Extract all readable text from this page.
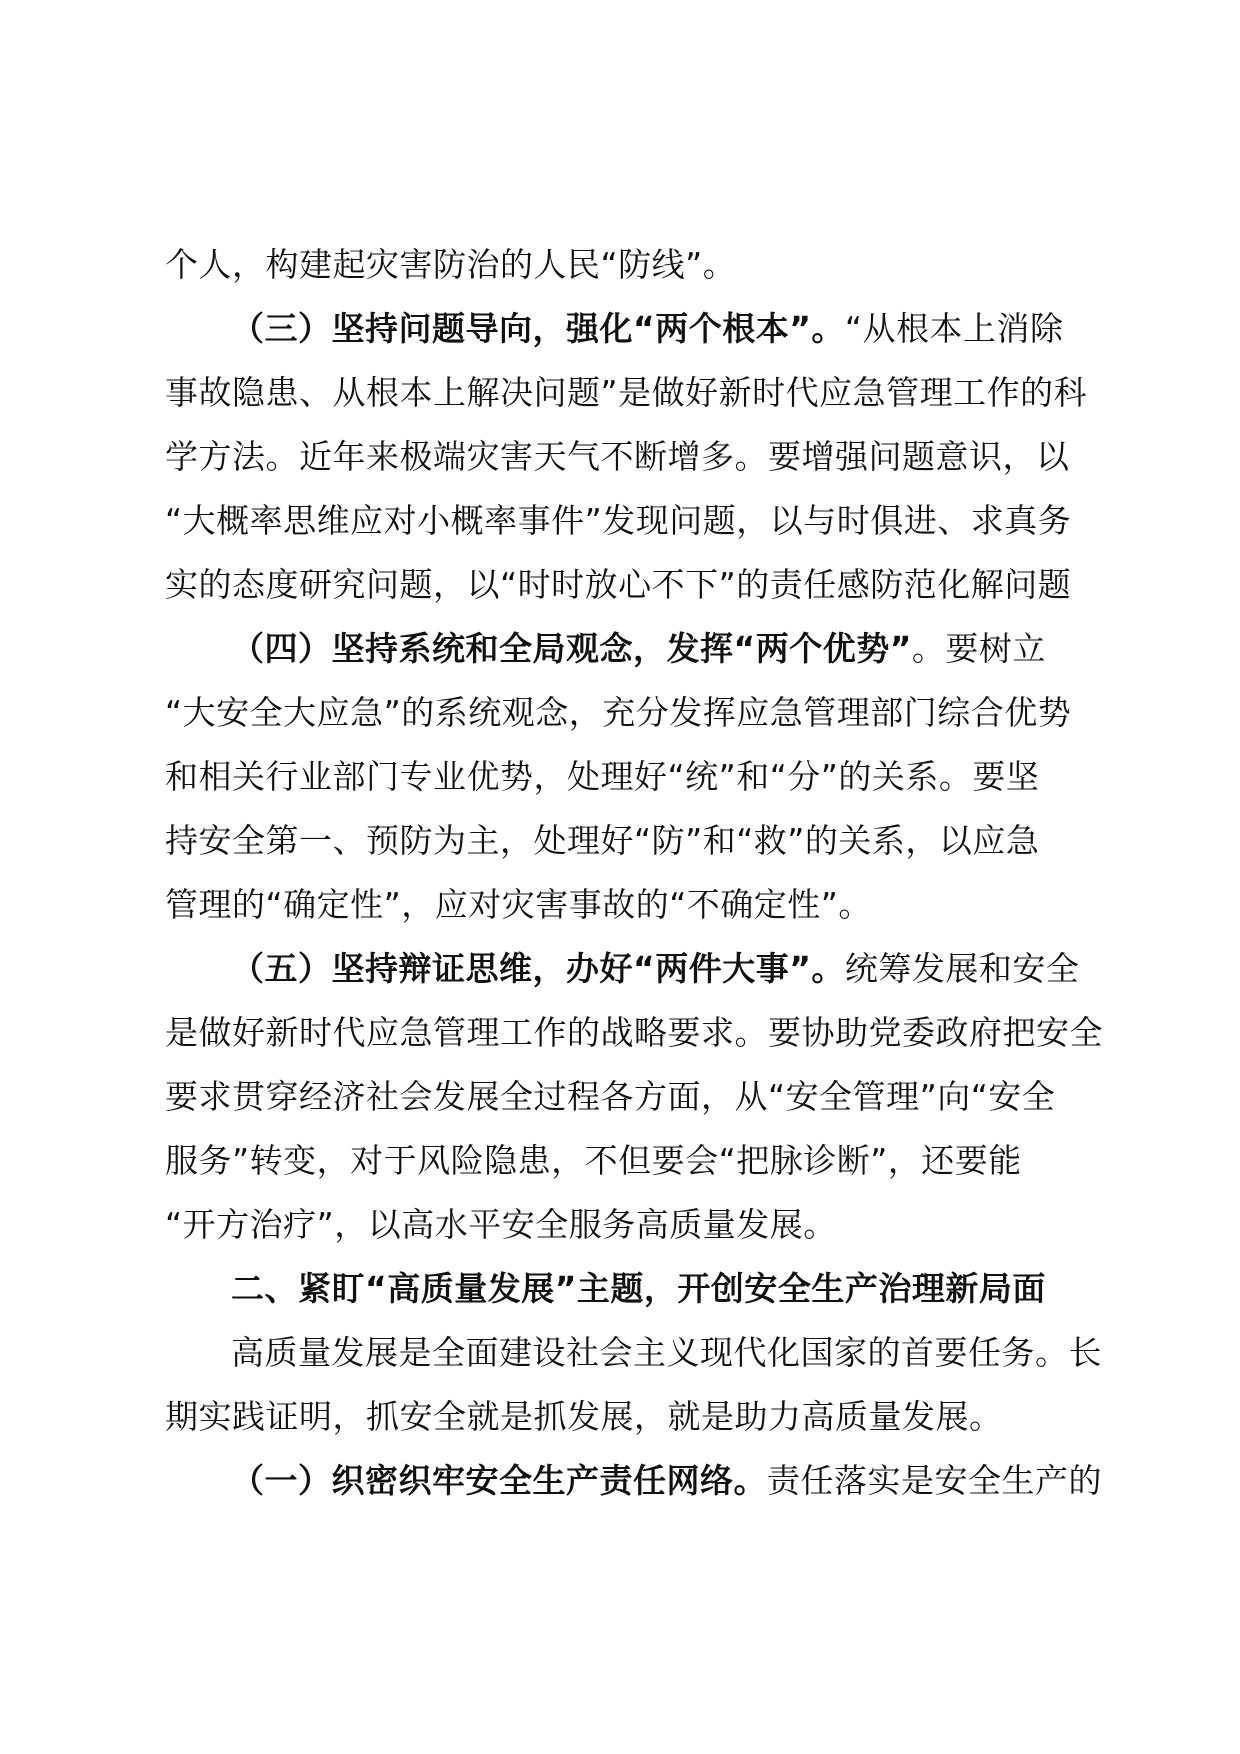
个人，构建起灾害防治的人民“防线”。
（三）坚持问题导向，强化“两个根本”。“从根本上消除
事故隐患、从根本上解决问题”是做好新时代应急管理工作的科
学方法。近年来极端灾害天气不断增多。要增强问题意识，以
“大概率思维应对小概率事件”发现问题，以与时俱进、求真务
实的态度研究问题，以“时时放心不下”的责任感防范化解问题
（四）坚持系统和全局观念，发挥“两个优势”。要树立
“大安全大应急”的系统观念，充分发挥应急管理部门综合优势
和相关行业部门专业优势，处理好“统”和“分”的关系。要坚
持安全第一、预防为主，处理好“防”和“救”的关系，以应急
管理的“确定性”，应对灾害事故的“不确定性”。
（五）坚持辩证思维，办好“两件大事”。统筹发展和安全
是做好新时代应急管理工作的战略要求。要协助党委政府把安全
要求贯穿经济社会发展全过程各方面，从“安全管理”向“安全
服务”转变，对于风险隐患，不但要会“把脉诊断”，还要能
“开方治疗”，以高水平安全服务高质量发展。
二、紧盯“高质量发展”主题，开创安全生产治理新局面
高质量发展是全面建设社会主义现代化国家的首要任务。长
期实践证明，抓安全就是抓发展，就是助力高质量发展。
（一）织密织牢安全生产责任网络。责任落实是安全生产的
